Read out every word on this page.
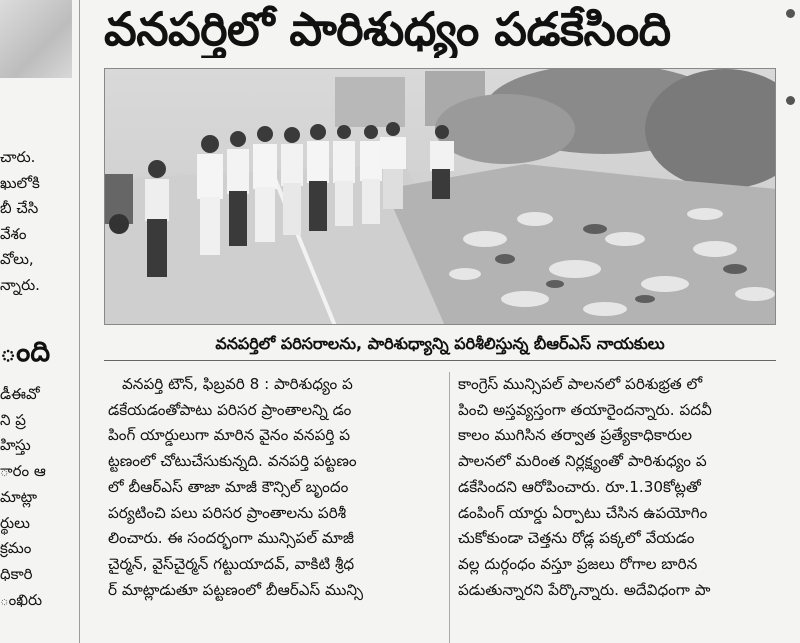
చారు.
ఖులోకి
బీ చేసి
వేశం
వోలు,
న్నారు.
ంది
డీఈవో
ని ప్ర
హిస్తు
ారం ఆ
మాట్లా
ర్థులు
క్రమం
ధికారి
ంఖిరు
వనపర్తిలో పారిశుధ్యం పడకేసింది
వనపర్తిలో పరిసరాలను, పారిశుధ్యాన్ని పరిశీలిస్తున్న బీఆర్ఎస్ నాయకులు
వనపర్తి టౌన్, ఫిబ్రవరి 8 : పారిశుధ్యం ప
డకేయడంతోపాటు పరిసర ప్రాంతాలన్ని డం
పింగ్ యార్డులుగా మారిన వైనం వనపర్తి ప
ట్టణంలో చోటుచేసుకున్నది. వనపర్తి పట్టణం
లో బీఆర్ఎస్ తాజా మాజీ కౌన్సిల్ బృందం
పర్యటించి పలు పరిసర ప్రాంతాలను పరిశీ
లించారు. ఈ సందర్భంగా మున్సిపల్ మాజీ
చైర్మన్, వైస్‌చైర్మన్ గట్టుయాదవ్, వాకిటి శ్రీధ
ర్ మాట్లాడుతూ పట్టణంలో బీఆర్ఎస్ మున్సి
కాంగ్రెస్ మున్సిపల్ పాలనలో పరిశుభ్రత లో
పించి అస్తవ్యస్తంగా తయారైందన్నారు. పదవీ
కాలం ముగిసిన తర్వాత ప్రత్యేకాధికారుల
పాలనలో మరింత నిర్లక్ష్యంతో పారిశుధ్యం ప
డకేసిందని ఆరోపించారు. రూ.1.30కోట్లతో
డంపింగ్ యార్డు ఏర్పాటు చేసిన ఉపయోగిం
చుకోకుండా చెత్తను రోడ్ల పక్కలో వేయడం
వల్ల దుర్గంధం వస్తూ ప్రజలు రోగాల బారిన
పడుతున్నారని పేర్కొన్నారు. అదేవిధంగా పా
